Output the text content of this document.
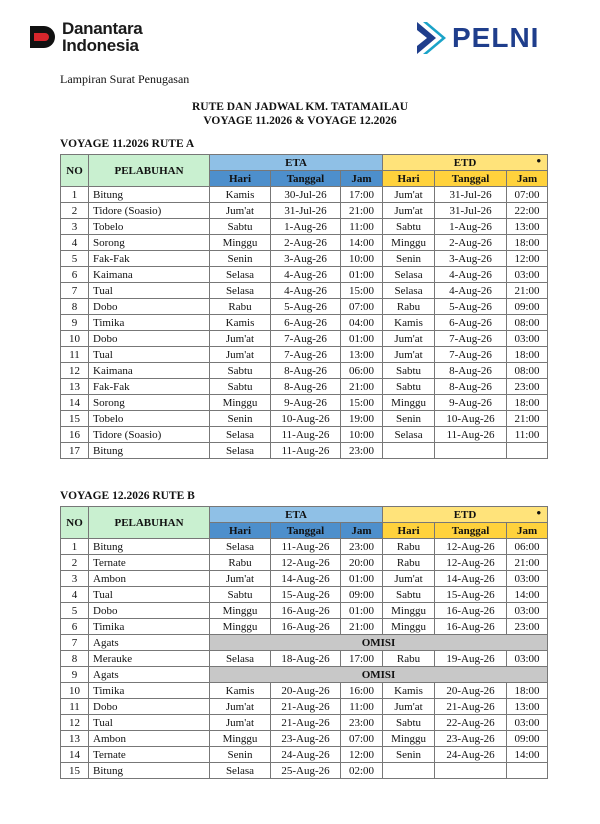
Danantara
Indonesia	PELNI
Lampiran Surat Penugasan
RUTE DAN JADWAL KM. TATAMAILAU
VOYAGE 11.2026 & VOYAGE 12.2026
VOYAGE 11.2026 RUTE A
NO	PELABUHAN	ETA			ETD •		

		Hari	Tanggal	Jam	Hari	Tanggal	Jam
1	Bitung	Kamis	30-Jul-26	17:00	Jum'at	31-Jul-26	07:00
2	Tidore (Soasio)	Jum'at	31-Jul-26	21:00	Jum'at	31-Jul-26	22:00
3	Tobelo	Sabtu	1-Aug-26	11:00	Sabtu	1-Aug-26	13:00
4	Sorong	Minggu	2-Aug-26	14:00	Minggu	2-Aug-26	18:00
5	Fak-Fak	Senin	3-Aug-26	10:00	Senin	3-Aug-26	12:00
6	Kaimana	Selasa	4-Aug-26	01:00	Selasa	4-Aug-26	03:00
7	Tual	Selasa	4-Aug-26	15:00	Selasa	4-Aug-26	21:00
8	Dobo	Rabu	5-Aug-26	07:00	Rabu	5-Aug-26	09:00
9	Timika	Kamis	6-Aug-26	04:00	Kamis	6-Aug-26	08:00
10	Dobo	Jum'at	7-Aug-26	01:00	Jum'at	7-Aug-26	03:00
11	Tual	Jum'at	7-Aug-26	13:00	Jum'at	7-Aug-26	18:00
12	Kaimana	Sabtu	8-Aug-26	06:00	Sabtu	8-Aug-26	08:00
13	Fak-Fak	Sabtu	8-Aug-26	21:00	Sabtu	8-Aug-26	23:00
14	Sorong	Minggu	9-Aug-26	15:00	Minggu	9-Aug-26	18:00
15	Tobelo	Senin	10-Aug-26	19:00	Senin	10-Aug-26	21:00
16	Tidore (Soasio)	Selasa	11-Aug-26	10:00	Selasa	11-Aug-26	11:00
17	Bitung	Selasa	11-Aug-26	23:00			
VOYAGE 12.2026 RUTE B
NO	PELABUHAN	ETA			ETD •		

		Hari	Tanggal	Jam	Hari	Tanggal	Jam
1	Bitung	Selasa	11-Aug-26	23:00	Rabu	12-Aug-26	06:00
2	Ternate	Rabu	12-Aug-26	20:00	Rabu	12-Aug-26	21:00
3	Ambon	Jum'at	14-Aug-26	01:00	Jum'at	14-Aug-26	03:00
4	Tual	Sabtu	15-Aug-26	09:00	Sabtu	15-Aug-26	14:00
5	Dobo	Minggu	16-Aug-26	01:00	Minggu	16-Aug-26	03:00
6	Timika	Minggu	16-Aug-26	21:00	Minggu	16-Aug-26	23:00
7	Agats	OMISI					
8	Merauke	Selasa	18-Aug-26	17:00	Rabu	19-Aug-26	03:00
9	Agats	OMISI					
10	Timika	Kamis	20-Aug-26	16:00	Kamis	20-Aug-26	18:00
11	Dobo	Jum'at	21-Aug-26	11:00	Jum'at	21-Aug-26	13:00
12	Tual	Jum'at	21-Aug-26	23:00	Sabtu	22-Aug-26	03:00
13	Ambon	Minggu	23-Aug-26	07:00	Minggu	23-Aug-26	09:00
14	Ternate	Senin	24-Aug-26	12:00	Senin	24-Aug-26	14:00
15	Bitung	Selasa	25-Aug-26	02:00			
